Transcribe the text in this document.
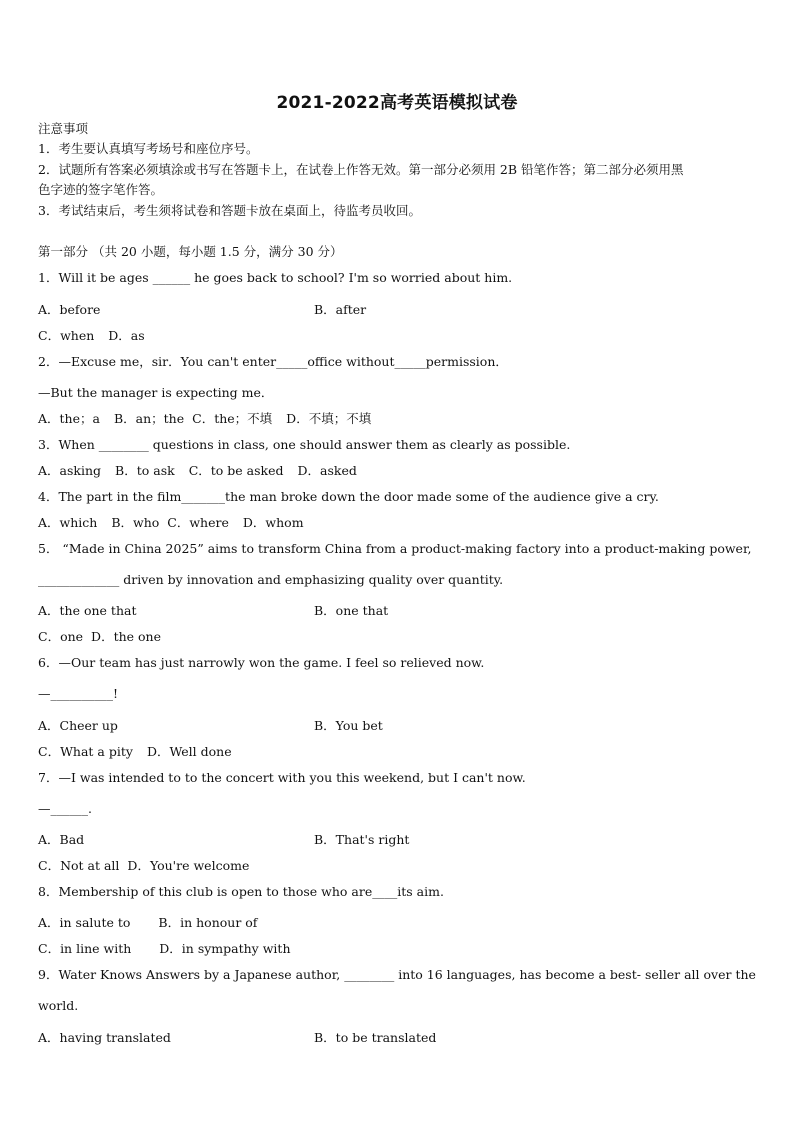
2021-2022高考英语模拟试卷
注意事项
1．考生要认真填写考场号和座位序号。
2．试题所有答案必须填涂或书写在答题卡上，在试卷上作答无效。第一部分必须用 2B 铅笔作答；第二部分必须用黑
色字迹的签字笔作答。
3．考试结束后，考生须将试卷和答题卡放在桌面上，待监考员收回。
第一部分 （共 20 小题，每小题 1.5 分，满分 30 分）
1．Will it be ages ______ he goes back to school? I'm so worried about him.
A．before	B．after
C．when D．as
2．—Excuse me，sir．You can't enter_____office without_____permission．
—But the manager is expecting me．
A．the；a B．an；the C．the；不填 D．不填；不填
3．When ________ questions in class, one should answer them as clearly as possible.
A．asking B．to ask C．to be asked D．asked
4．The part in the film_______the man broke down the door made some of the audience give a cry.
A．which B．who C．where D．whom
5． “Made in China 2025” aims to transform China from a product-making factory into a product-making power,
_____________ driven by innovation and emphasizing quality over quantity.
A．the one that	B．one that
C．one D．the one
6．—Our team has just narrowly won the game. I feel so relieved now.
—__________!
A．Cheer up	B．You bet
C．What a pity D．Well done
7．—I was intended to to the concert with you this weekend, but I can't now.
—______.
A．Bad	B．That's right
C．Not at all D．You're welcome
8．Membership of this club is open to those who are____its aim.
A．in salute to B．in honour of
C．in line with D．in sympathy with
9．Water Knows Answers by a Japanese author, ________ into 16 languages, has become a best- seller all over the
world.
A．having translated	B．to be translated
